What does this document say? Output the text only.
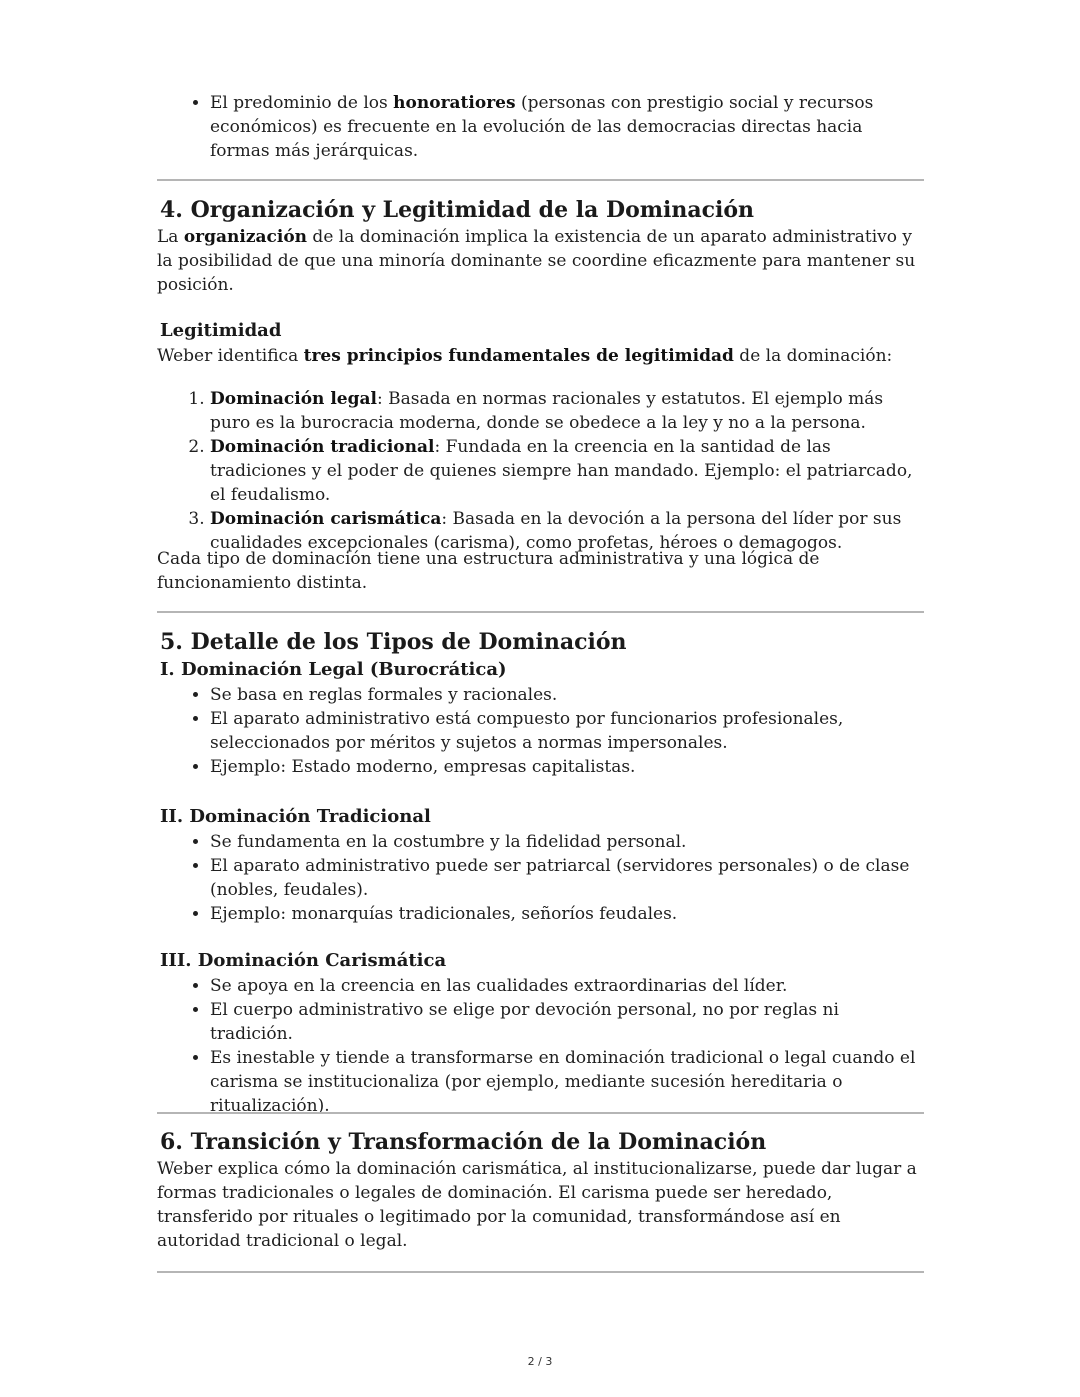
• El predominio de los honoratiores (personas con prestigio social y recursos económicos) es frecuente en la evolución de las democracias directas hacia formas más jerárquicas.
4. Organización y Legitimidad de la Dominación

La organización de la dominación implica la existencia de un aparato administrativo y la posibilidad de que una minoría dominante se coordine eficazmente para mantener su posición.

Legitimidad

Weber identifica tres principios fundamentales de legitimidad de la dominación:

1. Dominación legal: Basada en normas racionales y estatutos. El ejemplo más puro es la burocracia moderna, donde se obedece a la ley y no a la persona.
2. Dominación tradicional: Fundada en la creencia en la santidad de las tradiciones y el poder de quienes siempre han mandado. Ejemplo: el patriarcado, el feudalismo.
3. Dominación carismática: Basada en la devoción a la persona del líder por sus cualidades excepcionales (carisma), como profetas, héroes o demagogos.

Cada tipo de dominación tiene una estructura administrativa y una lógica de funcionamiento distinta.

5. Detalle de los Tipos de Dominación
I. Dominación Legal (Burocrática)
• Se basa en reglas formales y racionales.
• El aparato administrativo está compuesto por funcionarios profesionales, seleccionados por méritos y sujetos a normas impersonales.
• Ejemplo: Estado moderno, empresas capitalistas.
II. Dominación Tradicional
• Se fundamenta en la costumbre y la fidelidad personal.
• El aparato administrativo puede ser patriarcal (servidores personales) o de clase (nobles, feudales).
• Ejemplo: monarquías tradicionales, señoríos feudales.
III. Dominación Carismática
• Se apoya en la creencia en las cualidades extraordinarias del líder.
• El cuerpo administrativo se elige por devoción personal, no por reglas ni tradición.
• Es inestable y tiende a transformarse en dominación tradicional o legal cuando el carisma se institucionaliza (por ejemplo, mediante sucesión hereditaria o ritualización).
6. Transición y Transformación de la Dominación

Weber explica cómo la dominación carismática, al institucionalizarse, puede dar lugar a formas tradicionales o legales de dominación. El carisma puede ser heredado, transferido por rituales o legitimado por la comunidad, transformándose así en autoridad tradicional o legal.

2 / 3
